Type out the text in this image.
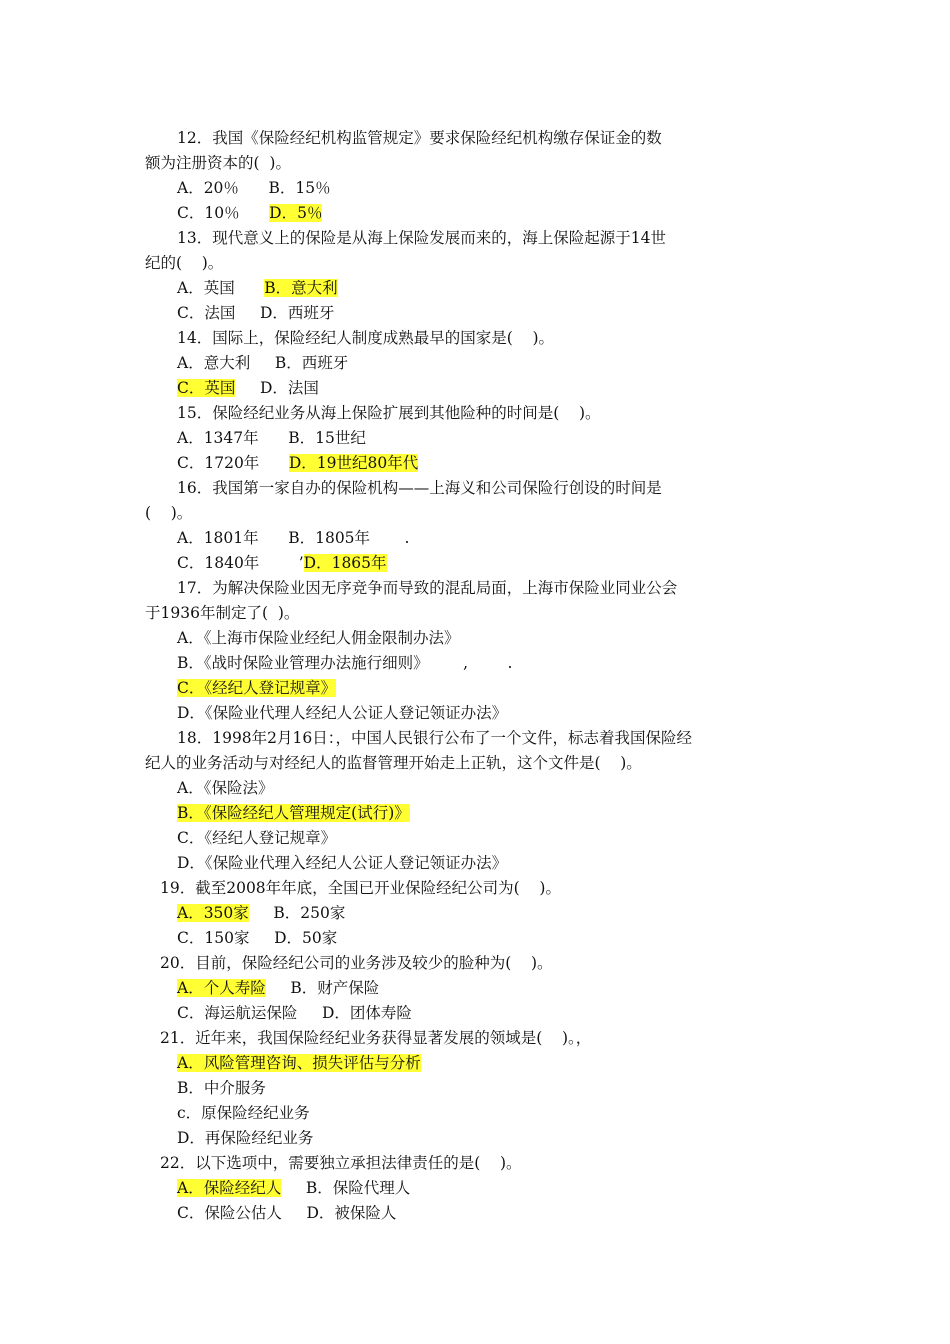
12．我国《保险经纪机构监管规定》要求保险经纪机构缴存保证金的数
额为注册资本的(  )。
A．20％      B．15％
C．10％      D．5％
13．现代意义上的保险是从海上保险发展而来的，海上保险起源于14世
纪的(    )。
A．英国      B．意大利
C．法国     D．西班牙
14．国际上，保险经纪人制度成熟最早的国家是(    )。
A．意大利     B．西班牙
C．英国     D．法国
15．保险经纪业务从海上保险扩展到其他险种的时间是(    )。
A．1347年      B．15世纪
C．1720年      D．19世纪80年代
16．我国第一家自办的保险机构——上海义和公司保险行创设的时间是
(    )。
A．1801年      B．1805年       .
C．1840年        ’D．1865年
17．为解决保险业因无序竞争而导致的混乱局面，上海市保险业同业公会
于1936年制定了(  )。
A．《上海市保险业经纪人佣金限制办法》
B．《战时保险业管理办法施行细则》       ,        .
C．《经纪人登记规章》
D．《保险业代理人经纪人公证人登记领证办法》
18．1998年2月16日：，中国人民银行公布了一个文件，标志着我国保险经
纪人的业务活动与对经纪人的监督管理开始走上正轨，这个文件是(    )。
A．《保险法》
B．《保险经纪人管理规定(试行)》
C．《经纪人登记规章》
D．《保险业代理入经纪人公证人登记领证办法》
19．截至2008年年底，全国已开业保险经纪公司为(    )。
A．350家     B．250家
C．150家     D．50家
20．目前，保险经纪公司的业务涉及较少的脸种为(    )。
A．个人寿险     B．财产保险
C．海运航运保险     D．团体寿险
21．近年来，我国保险经纪业务获得显著发展的领域是(    )。，
A．风险管理咨询、损失评估与分析
B．中介服务
c．原保险经纪业务
D．再保险经纪业务
22．以下选项中，需要独立承担法律责任的是(    )。
A．保险经纪人     B．保险代理人
C．保险公估人     D．被保险人
